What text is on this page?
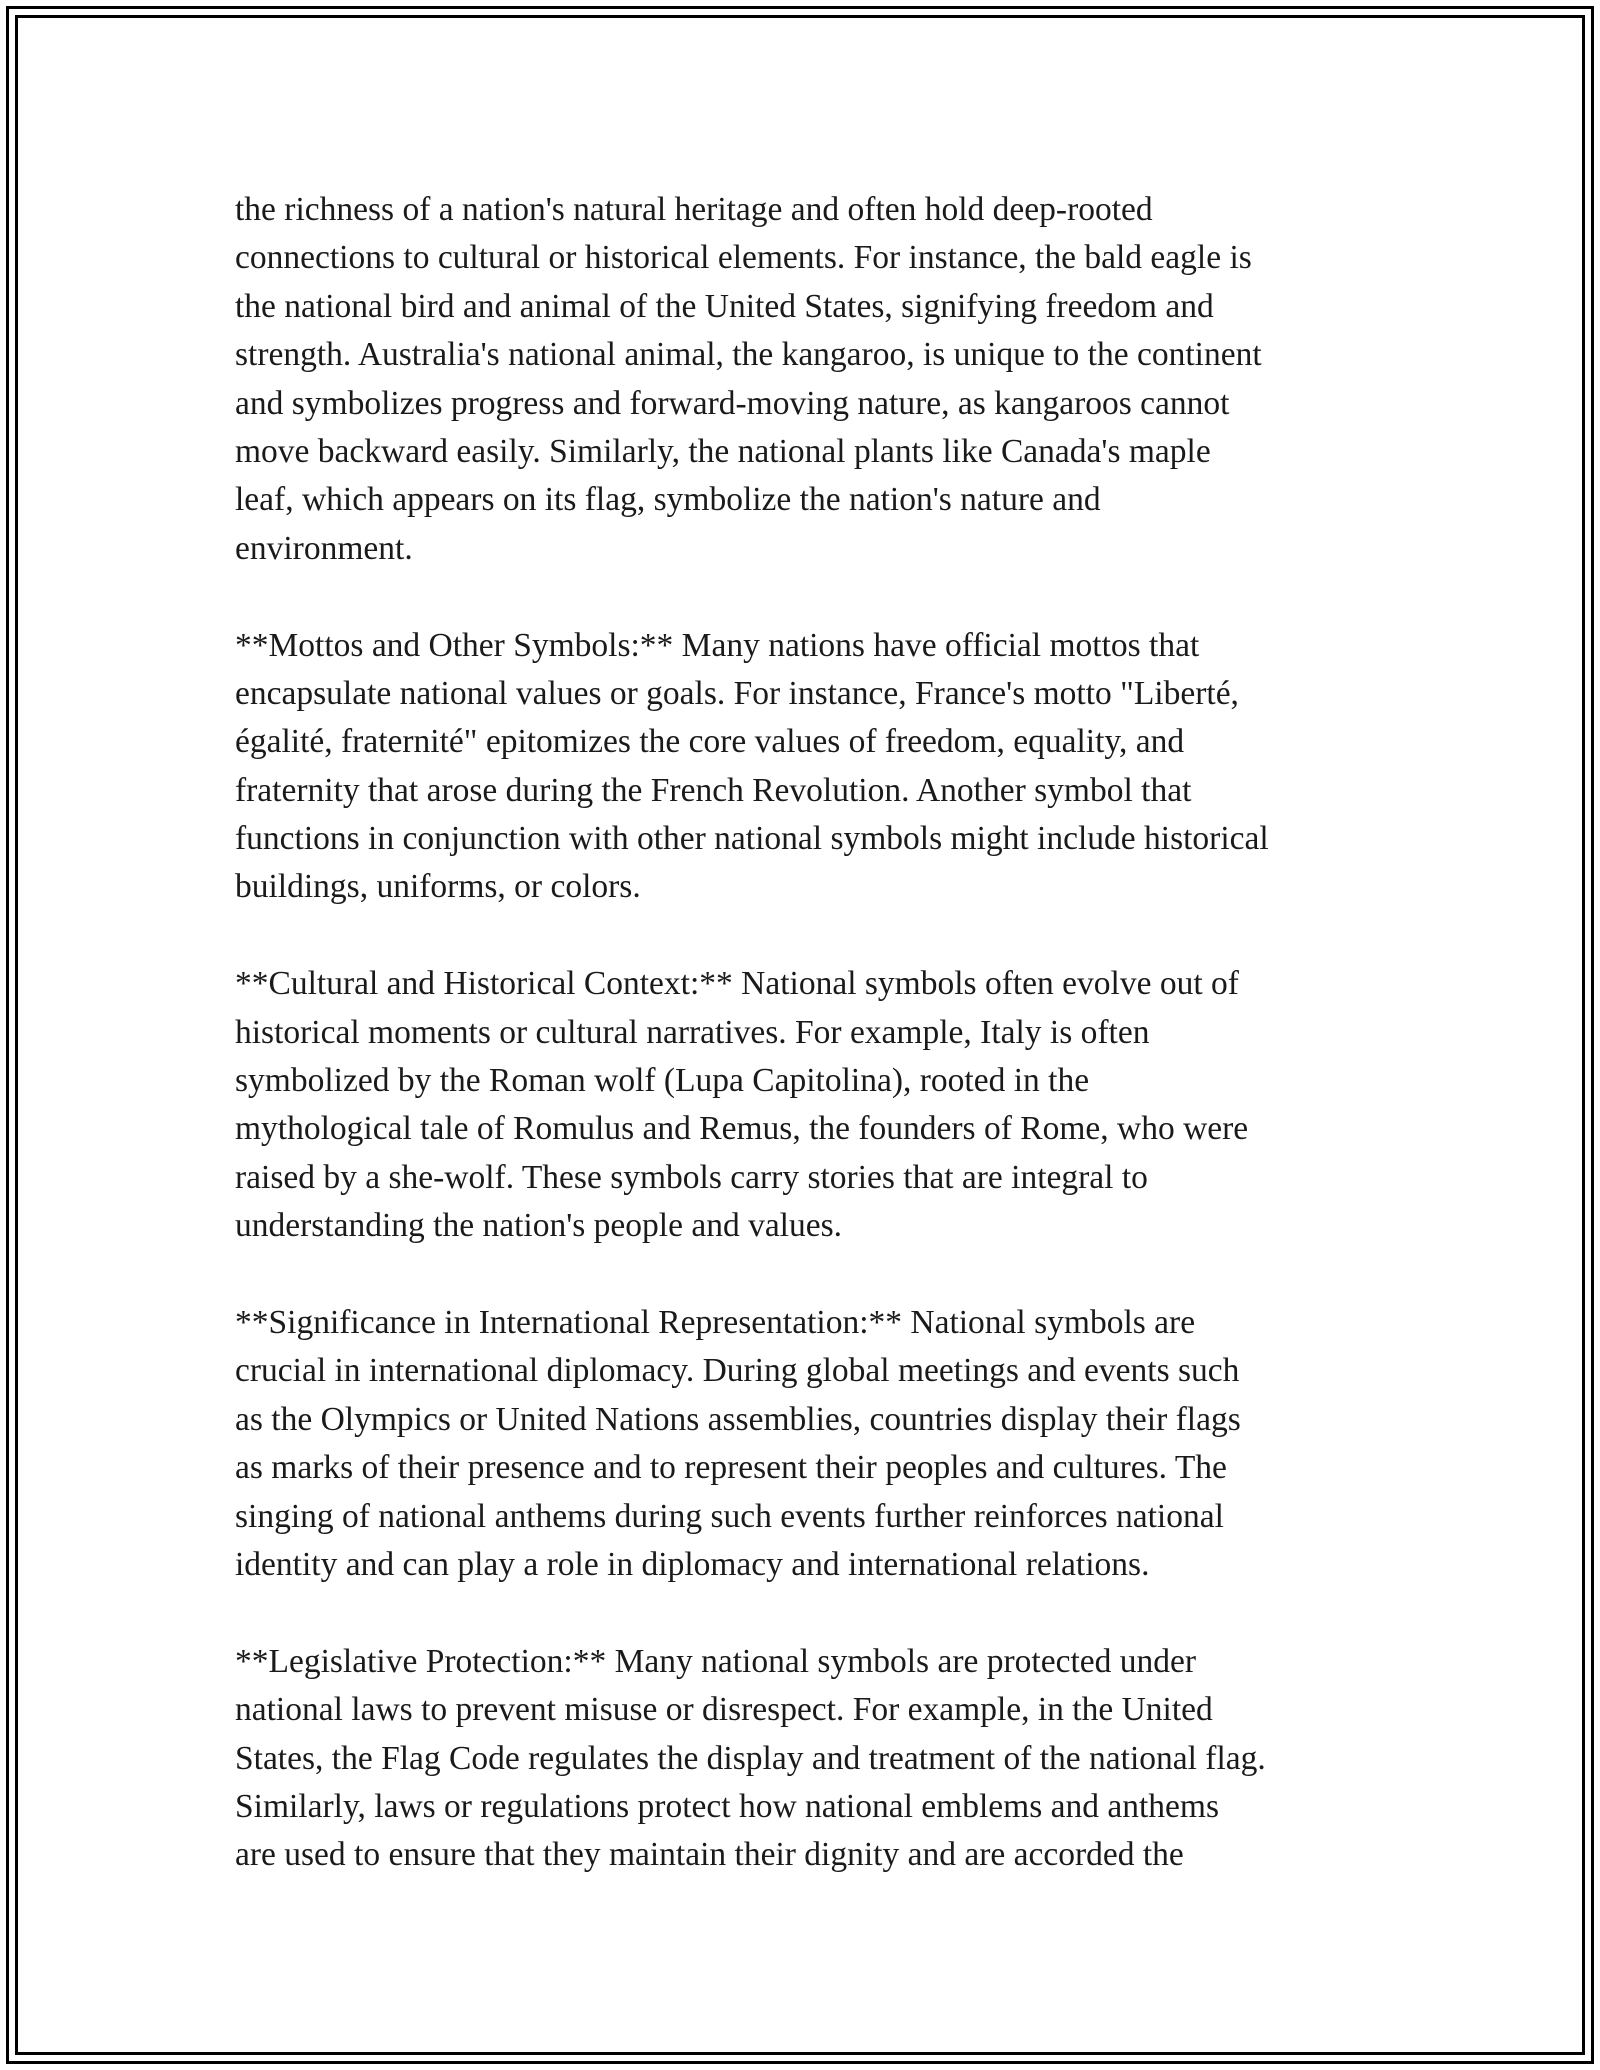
the richness of a nation's natural heritage and often hold deep-rooted
connections to cultural or historical elements. For instance, the bald eagle is
the national bird and animal of the United States, signifying freedom and
strength. Australia's national animal, the kangaroo, is unique to the continent
and symbolizes progress and forward-moving nature, as kangaroos cannot
move backward easily. Similarly, the national plants like Canada's maple
leaf, which appears on its flag, symbolize the nation's nature and
environment.

**Mottos and Other Symbols:** Many nations have official mottos that
encapsulate national values or goals. For instance, France's motto "Liberté,
égalité, fraternité" epitomizes the core values of freedom, equality, and
fraternity that arose during the French Revolution. Another symbol that
functions in conjunction with other national symbols might include historical
buildings, uniforms, or colors.

**Cultural and Historical Context:** National symbols often evolve out of
historical moments or cultural narratives. For example, Italy is often
symbolized by the Roman wolf (Lupa Capitolina), rooted in the
mythological tale of Romulus and Remus, the founders of Rome, who were
raised by a she-wolf. These symbols carry stories that are integral to
understanding the nation's people and values.

**Significance in International Representation:** National symbols are
crucial in international diplomacy. During global meetings and events such
as the Olympics or United Nations assemblies, countries display their flags
as marks of their presence and to represent their peoples and cultures. The
singing of national anthems during such events further reinforces national
identity and can play a role in diplomacy and international relations.

**Legislative Protection:** Many national symbols are protected under
national laws to prevent misuse or disrespect. For example, in the United
States, the Flag Code regulates the display and treatment of the national flag.
Similarly, laws or regulations protect how national emblems and anthems
are used to ensure that they maintain their dignity and are accorded the
